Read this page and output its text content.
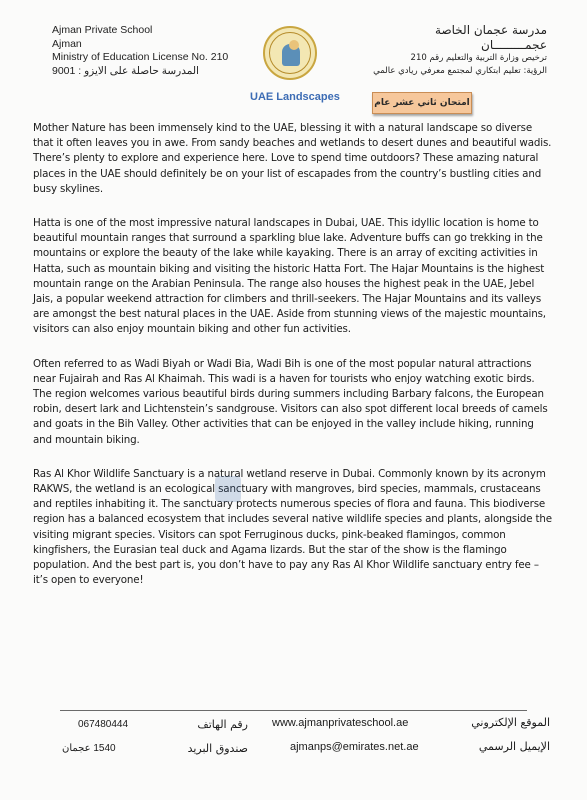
Ajman Private School
Ajman
Ministry of Education License No. 210
المدرسة حاصلة على الايزو : 9001
مدرسة عجمان الخاصة
عجمـــــــــان
ترخيص وزارة التربية والتعليم رقم 210
الرؤية: تعليم ابتكاري لمجتمع معرفي ريادي عالمي
UAE Landscapes	امتحان ثاني عشر عام

Mother Nature has been immensely kind to the UAE, blessing it with a natural landscape so diverse that it often leaves you in awe. From sandy beaches and wetlands to desert dunes and beautiful wadis. There’s plenty to explore and experience here. Love to spend time outdoors? These amazing natural places in the UAE should definitely be on your list of escapades from the country’s bustling cities and busy skylines.

Hatta is one of the most impressive natural landscapes in Dubai, UAE. This idyllic location is home to beautiful mountain ranges that surround a sparkling blue lake. Adventure buffs can go trekking in the mountains or explore the beauty of the lake while kayaking. There is an array of exciting activities in Hatta, such as mountain biking and visiting the historic Hatta Fort. The Hajar Mountains is the highest mountain range on the Arabian Peninsula. The range also houses the highest peak in the UAE, Jebel Jais, a popular weekend attraction for climbers and thrill-seekers. The Hajar Mountains and its valleys are amongst the best natural places in the UAE. Aside from stunning views of the majestic mountains, visitors can also enjoy mountain biking and other fun activities.

Often referred to as Wadi Biyah or Wadi Bia, Wadi Bih is one of the most popular natural attractions near Fujairah and Ras Al Khaimah. This wadi is a haven for tourists who enjoy watching exotic birds. The region welcomes various beautiful birds during summers including Barbary falcons, the European robin, desert lark and Lichtenstein’s sandgrouse. Visitors can also spot different local breeds of camels and goats in the Bih Valley. Other activities that can be enjoyed in the valley include hiking, running and mountain biking.

Ras Al Khor Wildlife Sanctuary is a natural wetland reserve in Dubai. Commonly known by its acronym RAKWS, the wetland is an ecological sanctuary with mangroves, bird species, mammals, crustaceans and reptiles inhabiting it. The sanctuary protects numerous species of flora and fauna. This biodiverse region has a balanced ecosystem that includes several native wildlife species and plants, alongside the visiting migrant species. Visitors can spot Ferruginous ducks, pink-beaked flamingos, common kingfishers, the Eurasian teal duck and Agama lizards. But the star of the show is the flamingo population. And the best part is, you don’t have to pay any Ras Al Khor Wildlife sanctuary entry fee – it’s open to everyone!

067480444	رقم الهاتف
1540 عجمان	صندوق البريد
www.ajmanprivateschool.ae	الموقع الإلكتروني
ajmanps@emirates.net.ae	الإيميل الرسمي
